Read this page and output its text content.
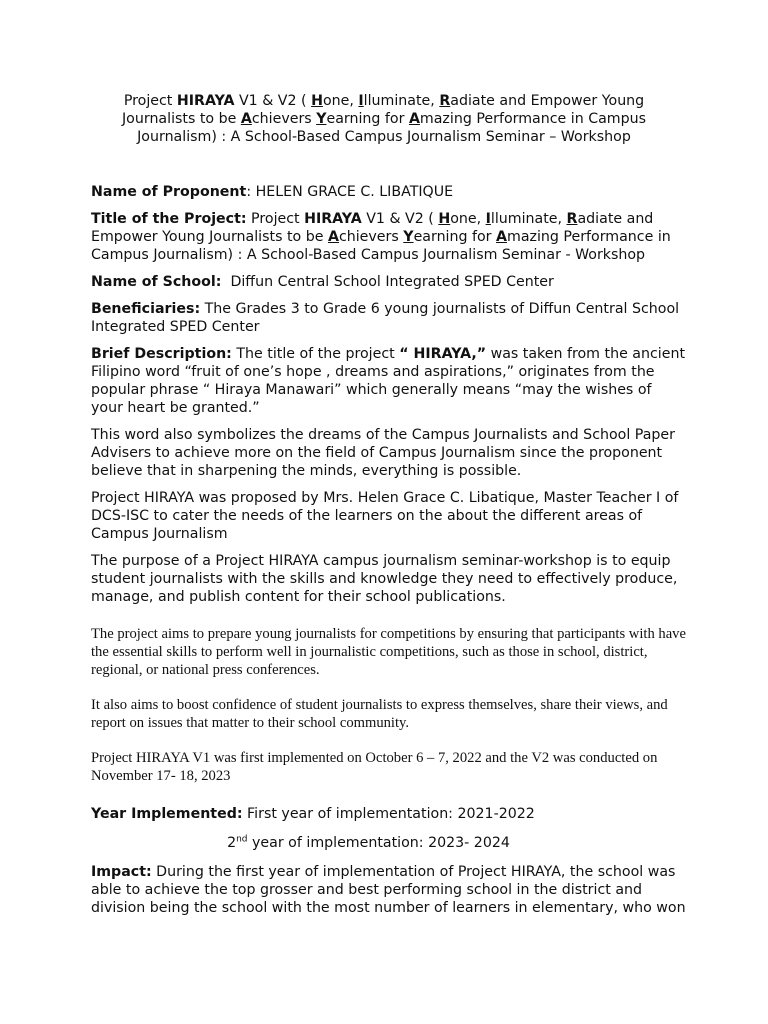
Project HIRAYA V1 & V2 ( Hone, Illuminate, Radiate and Empower Young Journalists to be Achievers Yearning for Amazing Performance in Campus Journalism) : A School-Based Campus Journalism Seminar – Workshop

Name of Proponent: HELEN GRACE C. LIBATIQUE

Title of the Project: Project HIRAYA V1 & V2 ( Hone, Illuminate, Radiate and Empower Young Journalists to be Achievers Yearning for Amazing Performance in Campus Journalism) : A School-Based Campus Journalism Seminar - Workshop

Name of School:  Diffun Central School Integrated SPED Center

Beneficiaries: The Grades 3 to Grade 6 young journalists of Diffun Central School Integrated SPED Center

Brief Description: The title of the project “ HIRAYA,” was taken from the ancient Filipino word “fruit of one’s hope , dreams and aspirations,” originates from the popular phrase “ Hiraya Manawari” which generally means “may the wishes of your heart be granted.”

This word also symbolizes the dreams of the Campus Journalists and School Paper Advisers to achieve more on the field of Campus Journalism since the proponent believe that in sharpening the minds, everything is possible.

Project HIRAYA was proposed by Mrs. Helen Grace C. Libatique, Master Teacher I of DCS-ISC to cater the needs of the learners on the about the different areas of Campus Journalism

The purpose of a Project HIRAYA campus journalism seminar-workshop is to equip student journalists with the skills and knowledge they need to effectively produce, manage, and publish content for their school publications.

The project aims to prepare young journalists for competitions by ensuring that participants with have the essential skills to perform well in journalistic competitions, such as those in school, district, regional, or national press conferences.

It also aims to boost confidence of student journalists to express themselves, share their views, and report on issues that matter to their school community.

Project HIRAYA V1 was first implemented on October 6 – 7, 2022 and the V2 was conducted on November 17- 18, 2023

Year Implemented: First year of implementation: 2021-2022

2nd year of implementation: 2023- 2024

Impact: During the first year of implementation of Project HIRAYA, the school was able to achieve the top grosser and best performing school in the district and division being the school with the most number of learners in elementary, who won
